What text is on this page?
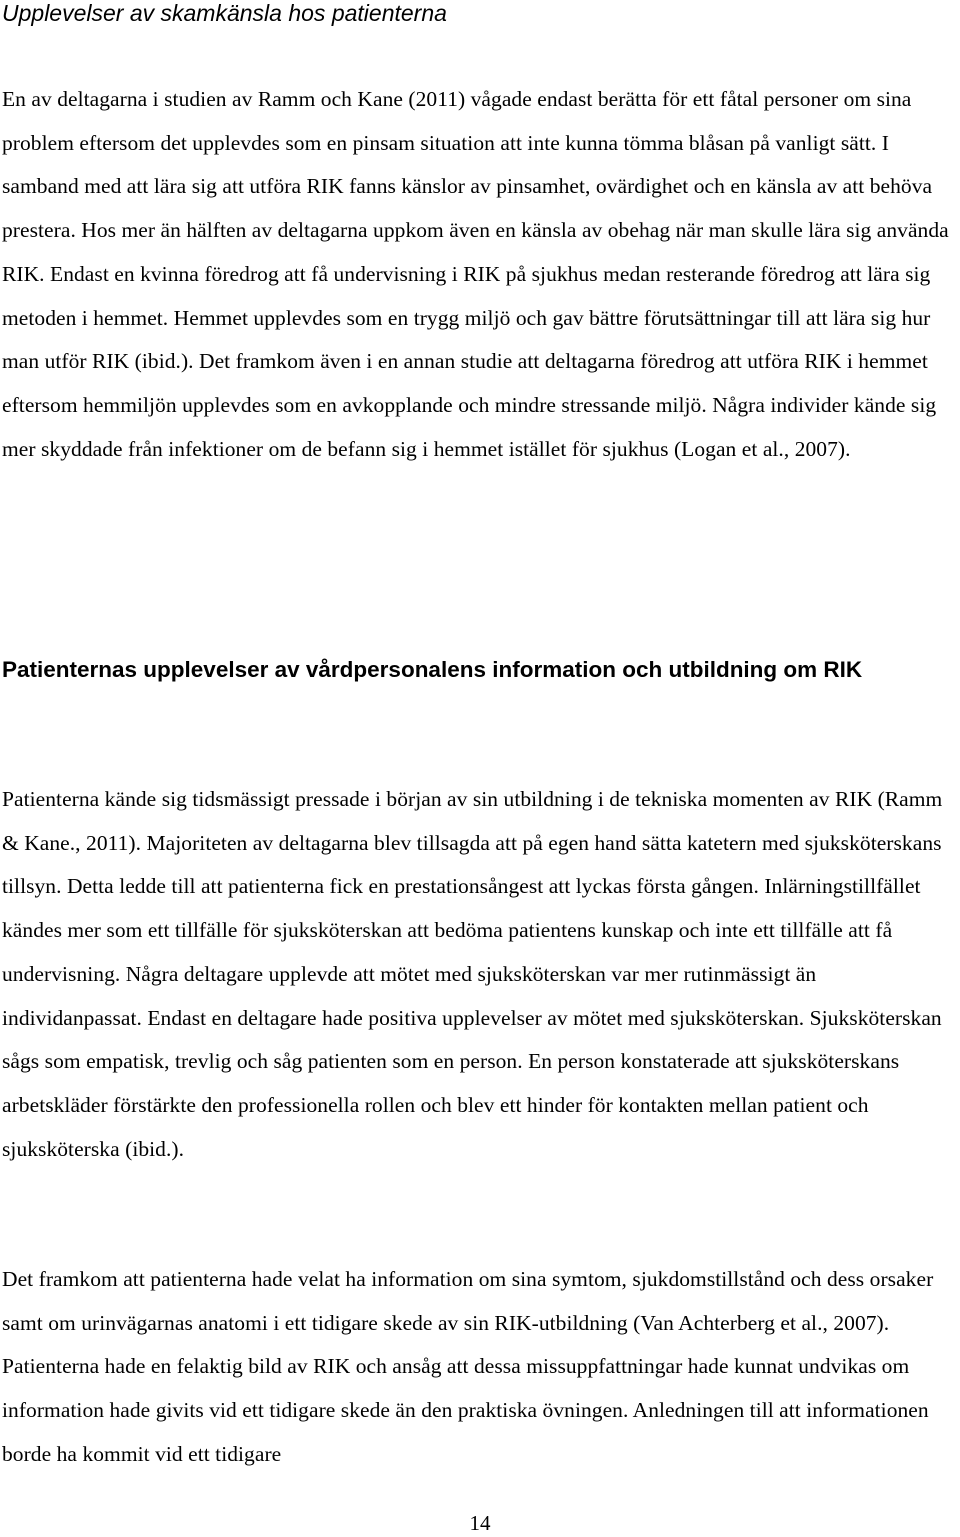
Upplevelser av skamkänsla hos patienterna

En av deltagarna i studien av Ramm och Kane (2011) vågade endast berätta för ett fåtal personer om sina problem eftersom det upplevdes som en pinsam situation att inte kunna tömma blåsan på vanligt sätt. I samband med att lära sig att utföra RIK fanns känslor av pinsamhet, ovärdighet och en känsla av att behöva prestera. Hos mer än hälften av deltagarna uppkom även en känsla av obehag när man skulle lära sig använda RIK. Endast en kvinna föredrog att få undervisning i RIK på sjukhus medan resterande föredrog att lära sig metoden i hemmet. Hemmet upplevdes som en trygg miljö och gav bättre förutsättningar till att lära sig hur man utför RIK (ibid.). Det framkom även i en annan studie att deltagarna föredrog att utföra RIK i hemmet eftersom hemmiljön upplevdes som en avkopplande och mindre stressande miljö. Några individer kände sig mer skyddade från infektioner om de befann sig i hemmet istället för sjukhus (Logan et al., 2007).

Patienternas upplevelser av vårdpersonalens information och utbildning om RIK

Patienterna kände sig tidsmässigt pressade i början av sin utbildning i de tekniska momenten av RIK (Ramm & Kane., 2011). Majoriteten av deltagarna blev tillsagda att på egen hand sätta katetern med sjuksköterskans tillsyn. Detta ledde till att patienterna fick en prestationsångest att lyckas första gången. Inlärningstillfället kändes mer som ett tillfälle för sjuksköterskan att bedöma patientens kunskap och inte ett tillfälle att få undervisning. Några deltagare upplevde att mötet med sjuksköterskan var mer rutinmässigt än individanpassat. Endast en deltagare hade positiva upplevelser av mötet med sjuksköterskan. Sjuksköterskan sågs som empatisk, trevlig och såg patienten som en person. En person konstaterade att sjuksköterskans arbetskläder förstärkte den professionella rollen och blev ett hinder för kontakten mellan patient och sjuksköterska (ibid.).

Det framkom att patienterna hade velat ha information om sina symtom, sjukdomstillstånd och dess orsaker samt om urinvägarnas anatomi i ett tidigare skede av sin RIK-utbildning (Van Achterberg et al., 2007). Patienterna hade en felaktig bild av RIK och ansåg att dessa missuppfattningar hade kunnat undvikas om information hade givits vid ett tidigare skede än den praktiska övningen. Anledningen till att informationen borde ha kommit vid ett tidigare

14
